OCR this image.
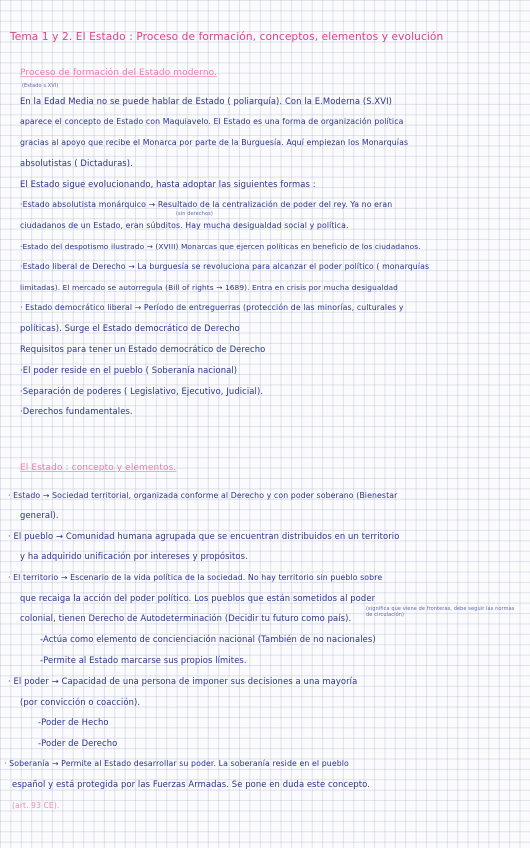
Tema 1 y 2. El Estado : Proceso de formación, conceptos, elementos y evolución
Proceso de formación del Estado moderno.
(Estado s.XVI)
En la Edad Media no se puede hablar de Estado ( poliarquía). Con la E.Moderna (S.XVI)
aparece el concepto de Estado con Maquiavelo. El Estado es una forma de organización política
gracias al apoyo que recibe el Monarca por parte de la Burguesía. Aquí empiezan los Monarquías
absolutistas ( Dictaduras).
El Estado sigue evolucionando, hasta adoptar las siguientes formas :
·Estado absolutista monárquico → Resultado de la centralización de poder del rey. Ya no eran
(sin derechos)
ciudadanos de un Estado, eran súbditos. Hay mucha desigualdad social y política.
·Estado del despotismo ilustrado → (XVIII) Monarcas que ejercen políticas en beneficio de los ciudadanos.
·Estado liberal de Derecho → La burguesía se revoluciona para alcanzar el poder político ( monarquías
limitadas). El mercado se autorregula (Bill of rights → 1689). Entra en crisis por mucha desigualdad
· Estado democrático liberal → Período de entreguerras (protección de las minorías, culturales y
políticas). Surge el Estado democrático de Derecho
Requisitos para tener un Estado democrático de Derecho
·El poder reside en el pueblo ( Soberanía nacional)
·Separación de poderes ( Legislativo, Ejecutivo, Judicial).
·Derechos fundamentales.
El Estado : concepto y elementos.
· Estado → Sociedad territorial, organizada conforme al Derecho y con poder soberano (Bienestar
general).
· El pueblo → Comunidad humana agrupada que se encuentran distribuidos en un territorio
y ha adquirido unificación por intereses y propósitos.
· El territorio → Escenario de la vida política de la sociedad. No hay territorio sin pueblo sobre
que recaiga la acción del poder político. Los pueblos que están sometidos al poder
(significa que viene de fronteras, debe seguir las normas de circulación)
colonial, tienen Derecho de Autodeterminación (Decidir tu futuro como país).
-Actúa como elemento de concienciación nacional (También de no nacionales)
-Permite al Estado marcarse sus propios límites.
· El poder → Capacidad de una persona de imponer sus decisiones a una mayoría
(por convicción o coacción).
-Poder de Hecho
-Poder de Derecho
· Soberanía → Permite al Estado desarrollar su poder. La soberanía reside en el pueblo
español y está protegida por las Fuerzas Armadas. Se pone en duda este concepto.
(art. 93 CE).
